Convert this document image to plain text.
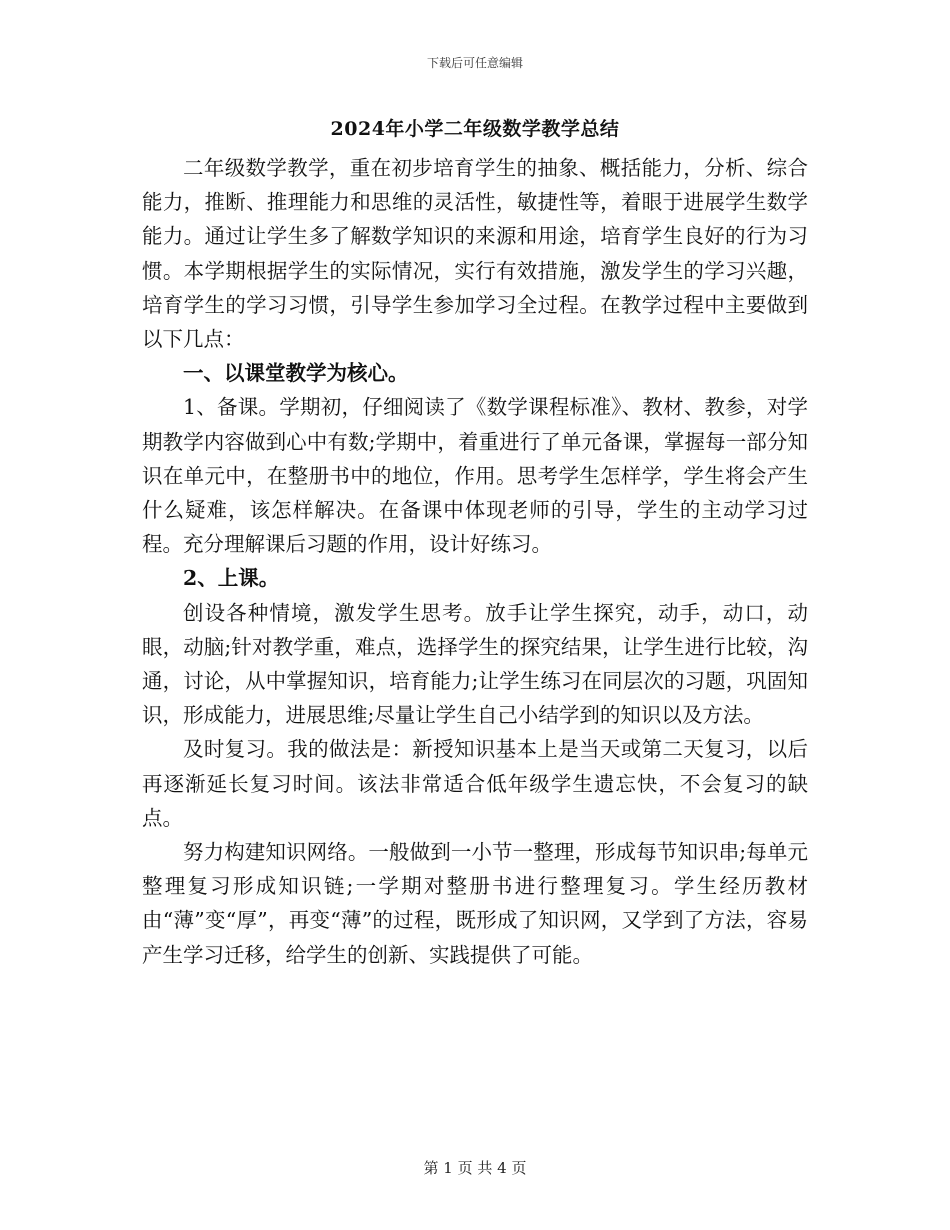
下载后可任意编辑
2024年小学二年级数学教学总结

二年级数学教学，重在初步培育学生的抽象、概括能力，分析、综合能力，推断、推理能力和思维的灵活性，敏捷性等，着眼于进展学生数学能力。通过让学生多了解数学知识的来源和用途，培育学生良好的行为习惯。本学期根据学生的实际情况，实行有效措施，激发学生的学习兴趣，培育学生的学习习惯，引导学生参加学习全过程。在教学过程中主要做到以下几点：

一、以课堂教学为核心。

1、备课。学期初，仔细阅读了《数学课程标准》、教材、教参，对学期教学内容做到心中有数;学期中，着重进行了单元备课，掌握每一部分知识在单元中，在整册书中的地位，作用。思考学生怎样学，学生将会产生什么疑难，该怎样解决。在备课中体现老师的引导，学生的主动学习过程。充分理解课后习题的作用，设计好练习。

2、上课。

创设各种情境，激发学生思考。放手让学生探究，动手，动口，动眼，动脑;针对教学重，难点，选择学生的探究结果，让学生进行比较，沟通，讨论，从中掌握知识，培育能力;让学生练习在同层次的习题，巩固知识，形成能力，进展思维;尽量让学生自己小结学到的知识以及方法。

及时复习。我的做法是：新授知识基本上是当天或第二天复习，以后再逐渐延长复习时间。该法非常适合低年级学生遗忘快，不会复习的缺点。

努力构建知识网络。一般做到一小节一整理，形成每节知识串;每单元整理复习形成知识链;一学期对整册书进行整理复习。学生经历教材由“薄”变“厚”，再变“薄”的过程，既形成了知识网，又学到了方法，容易产生学习迁移，给学生的创新、实践提供了可能。

第 1 页 共 4 页
